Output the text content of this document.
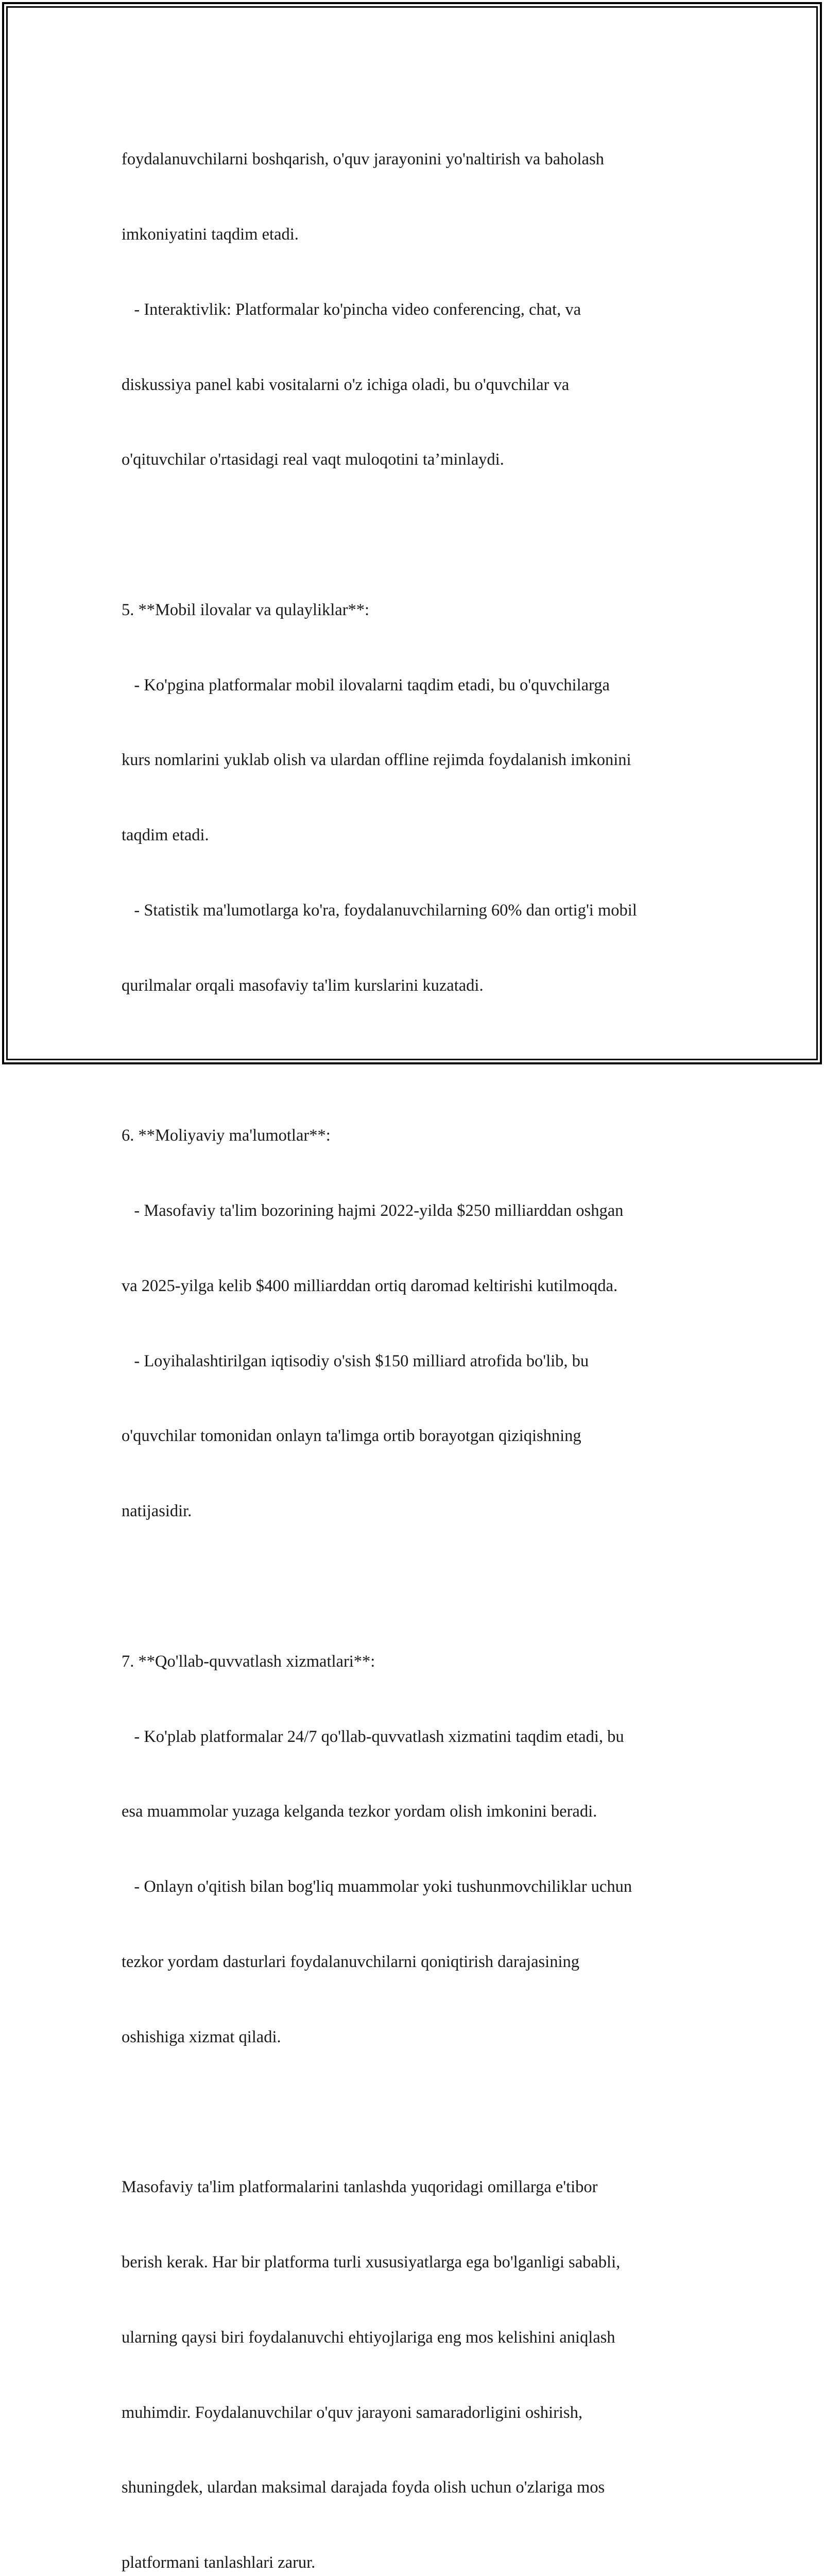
foydalanuvchilarni boshqarish, o'quv jarayonini yo'naltirish va baholash

imkoniyatini taqdim etadi.

- Interaktivlik: Platformalar ko'pincha video conferencing, chat, va

diskussiya panel kabi vositalarni o'z ichiga oladi, bu o'quvchilar va

o'qituvchilar o'rtasidagi real vaqt muloqotini ta’minlaydi.

5. **Mobil ilovalar va qulayliklar**:

- Ko'pgina platformalar mobil ilovalarni taqdim etadi, bu o'quvchilarga

kurs nomlarini yuklab olish va ulardan offline rejimda foydalanish imkonini

taqdim etadi.

- Statistik ma'lumotlarga ko'ra, foydalanuvchilarning 60% dan ortig'i mobil

qurilmalar orqali masofaviy ta'lim kurslarini kuzatadi.

6. **Moliyaviy ma'lumotlar**:

- Masofaviy ta'lim bozorining hajmi 2022-yilda $250 milliarddan oshgan

va 2025-yilga kelib $400 milliarddan ortiq daromad keltirishi kutilmoqda.

- Loyihalashtirilgan iqtisodiy o'sish $150 milliard atrofida bo'lib, bu

o'quvchilar tomonidan onlayn ta'limga ortib borayotgan qiziqishning

natijasidir.

7. **Qo'llab-quvvatlash xizmatlari**:

- Ko'plab platformalar 24/7 qo'llab-quvvatlash xizmatini taqdim etadi, bu

esa muammolar yuzaga kelganda tezkor yordam olish imkonini beradi.

- Onlayn o'qitish bilan bog'liq muammolar yoki tushunmovchiliklar uchun

tezkor yordam dasturlari foydalanuvchilarni qoniqtirish darajasining

oshishiga xizmat qiladi.

Masofaviy ta'lim platformalarini tanlashda yuqoridagi omillarga e'tibor

berish kerak. Har bir platforma turli xususiyatlarga ega bo'lganligi sababli,

ularning qaysi biri foydalanuvchi ehtiyojlariga eng mos kelishini aniqlash

muhimdir. Foydalanuvchilar o'quv jarayoni samaradorligini oshirish,

shuningdek, ulardan maksimal darajada foyda olish uchun o'zlariga mos

platformani tanlashlari zarur.
